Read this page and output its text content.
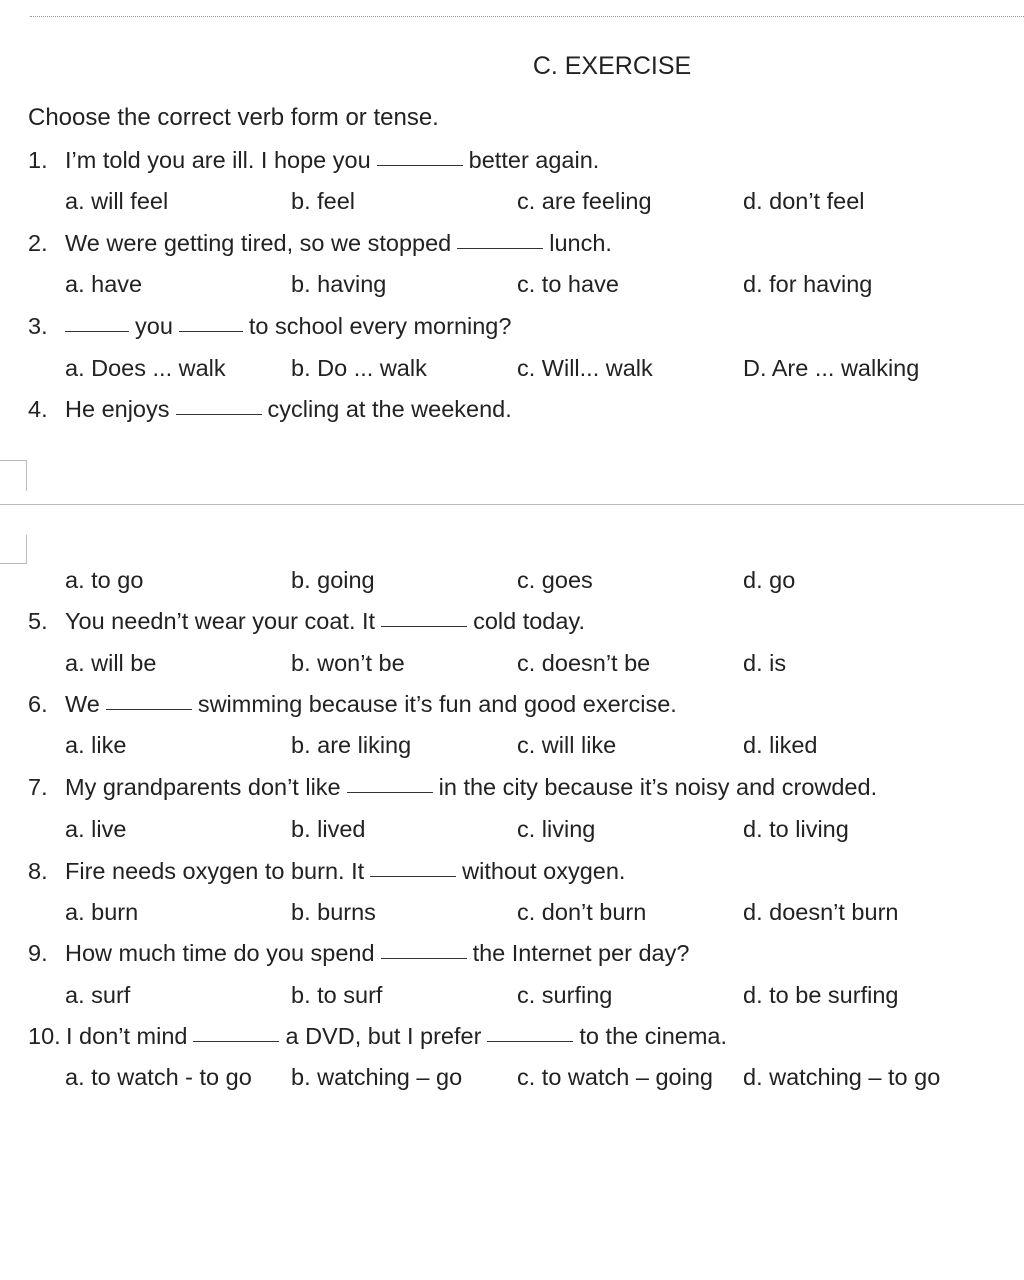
C. EXERCISE
Choose the correct verb form or tense.
1. I’m told you are ill. I hope you	better again.
a. will feel	b. feel	c. are feeling	d. don’t feel
2. We were getting tired, so we stopped	lunch.
a. have	b. having	c. to have	d. for having
3.	you	to school every morning?
a. Does ... walk	b. Do ... walk	c. Will... walk	D. Are ... walking
4. He enjoys	cycling at the weekend.
a. to go	b. going	c. goes	d. go
5. You needn’t wear your coat. It	cold today.
a. will be	b. won’t be	c. doesn’t be	d. is
6. We	swimming because it’s fun and good exercise.
a. like	b. are liking	c. will like	d. liked
7. My grandparents don’t like	in the city because it’s noisy and crowded.
a. live	b. lived	c. living	d. to living
8. Fire needs oxygen to burn. It	without oxygen.
a. burn	b. burns	c. don’t burn	d. doesn’t burn
9. How much time do you spend	the Internet per day?
a. surf	b. to surf	c. surfing	d. to be surfing
10. I don’t mind	a DVD, but I prefer	to the cinema.
a. to watch - to go b. watching – go c. to watch – going d. watching – to go
